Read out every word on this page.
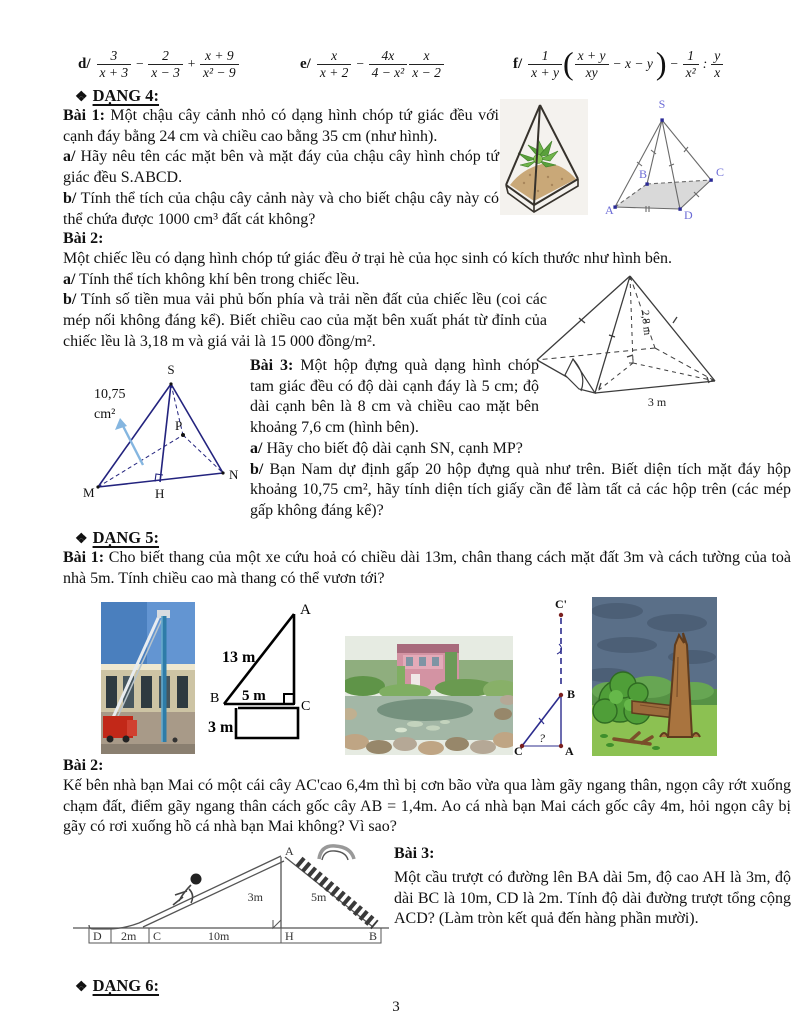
$d/ \frac{3}{x + 3} - \frac{2}{x - 3} + \frac{x + 9}{\text{x² − 9}}$	$e/ \frac{x}{x + 2} - \frac{4x}{\text{4 − x²}} \frac{x}{x - 2}$	$f/ \frac{1}{x + y}$ ( $\frac{x + y}{xy} - x - y$ ) − $\frac{1}{\text{x²}}$ : $\frac{y}{x}$
❖ DẠNG 4:

Bài 1: Một chậu cây cảnh nhỏ có dạng hình chóp tứ giác đều với cạnh đáy bằng 24 cm và chiều cao bằng 35 cm (như hình).

a/ Hãy nêu tên các mặt bên và mặt đáy của chậu cây hình chóp tứ giác đều S.ABCD.

b/ Tính thể tích của chậu cây cảnh này và cho biết chậu cây này có thể chứa được 1000 cm³ đất cát không?

S
A
B	C
D
Bài 2:

Một chiếc lều có dạng hình chóp tứ giác đều ở trại hè của học sinh có kích thước như hình bên.

a/ Tính thể tích không khí bên trong chiếc lều.

b/ Tính số tiền mua vải phủ bốn phía và trải nền đất của chiếc lều (coi các mép nối không đáng kể). Biết chiều cao của mặt bên xuất phát từ đỉnh của chiếc lều là 3,18 m và giá vải là 15 000 đồng/m².

2,8 m
3 m
S
M
N
H
P
10,75
cm²

Bài 3: Một hộp đựng quà dạng hình chóp tam giác đều có độ dài cạnh đáy là 5 cm; độ dài cạnh bên là 8 cm và chiều cao mặt bên khoảng 7,6 cm (hình bên).

a/ Hãy cho biết độ dài cạnh SN, cạnh MP?

b/ Bạn Nam dự định gấp 20 hộp đựng quà như trên. Biết diện tích mặt đáy hộp khoảng 10,75 cm², hãy tính diện tích giấy cần để làm tất cả các hộp trên (các mép gấp không đáng kể)?

❖ DẠNG 5:

Bài 1: Cho biết thang của một xe cứu hoả có chiều dài 13m, chân thang cách mặt đất 3m và cách tường của toà nhà 5m. Tính chiều cao mà thang có thể vươn tới?

A
B
C
13 m
5 m
3 m
C'
B
A
C
?
Bài 2:

Kế bên nhà bạn Mai có một cái cây AC'cao 6,4m thì bị cơn bão vừa qua làm gãy ngang thân, ngọn cây rớt xuống chạm đất, điểm gãy ngang thân cách gốc cây AB = 1,4m. Ao cá nhà bạn Mai cách gốc cây 4m, hỏi ngọn cây bị gãy có rơi xuống hồ cá nhà bạn Mai không? Vì sao?

A
D 2m C	10m	H	B
3m	5m
Bài 3:

Một cầu trượt có đường lên BA dài 5m, độ cao AH là 3m, độ dài BC là 10m, CD là 2m. Tính độ dài đường trượt tổng cộng ACD? (Làm tròn kết quả đến hàng phần mười).

❖ DẠNG 6:
3
